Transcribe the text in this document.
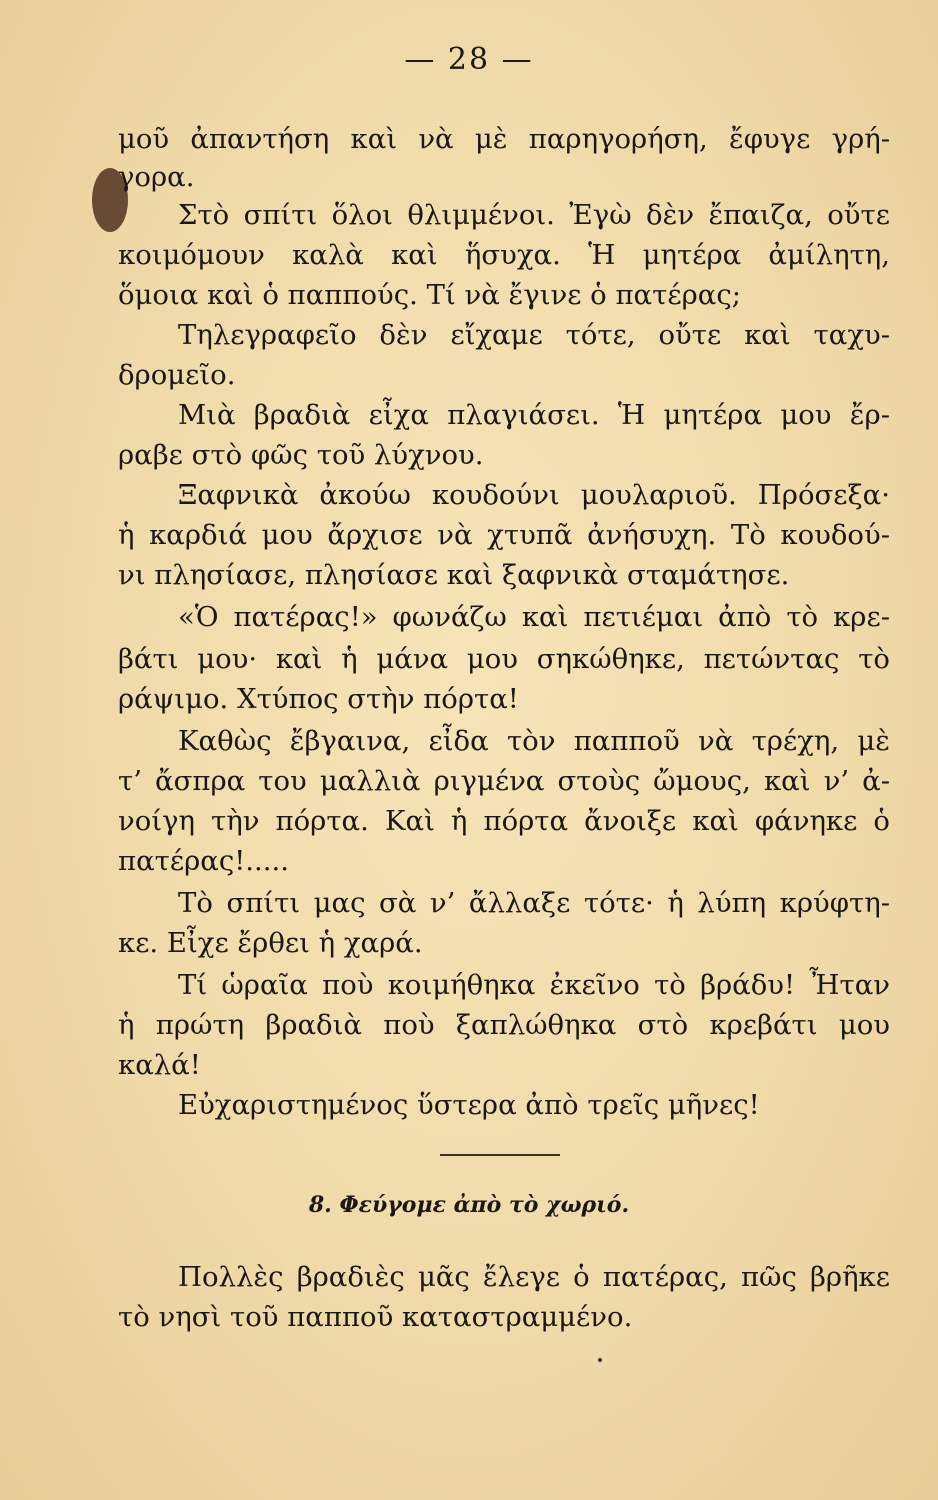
— 28 —
μοῦ ἀπαντήση καὶ νὰ μὲ παρηγορήση, ἔφυγε γρή-
γορα.
Στὸ σπίτι ὅλοι θλιμμένοι. Ἐγὼ δὲν ἔπαιζα, οὔτε
κοιμόμουν καλὰ καὶ ἥσυχα. Ἡ μητέρα ἀμίλητη,
ὅμοια καὶ ὁ παππούς. Τί νὰ ἔγινε ὁ πατέρας;
Τηλεγραφεῖο δὲν εἴχαμε τότε, οὔτε καὶ ταχυ-
δρομεῖο.
Μιὰ βραδιὰ εἶχα πλαγιάσει. Ἡ μητέρα μου ἔρ-
ραβε στὸ φῶς τοῦ λύχνου.
Ξαφνικὰ ἀκούω κουδούνι μουλαριοῦ. Πρόσεξα·
ἡ καρδιά μου ἄρχισε νὰ χτυπᾶ ἀνήσυχη. Τὸ κουδού-
νι πλησίασε, πλησίασε καὶ ξαφνικὰ σταμάτησε.
«Ὁ πατέρας!» φωνάζω καὶ πετιέμαι ἀπὸ τὸ κρε-
βάτι μου· καὶ ἡ μάνα μου σηκώθηκε, πετώντας τὸ
ράψιμο. Χτύπος στὴν πόρτα!
Καθὼς ἔβγαινα, εἶδα τὸν παπποῦ νὰ τρέχη, μὲ
τ’ ἄσπρα του μαλλιὰ ριγμένα στοὺς ὤμους, καὶ ν’ ἀ-
νοίγη τὴν πόρτα. Καὶ ἡ πόρτα ἄνοιξε καὶ φάνηκε ὁ
πατέρας!.....
Τὸ σπίτι μας σὰ ν’ ἄλλαξε τότε· ἡ λύπη κρύφτη-
κε. Εἶχε ἔρθει ἡ χαρά.
Τί ὡραῖα ποὺ κοιμήθηκα ἐκεῖνο τὸ βράδυ! Ἦταν
ἡ πρώτη βραδιὰ ποὺ ξαπλώθηκα στὸ κρεβάτι μου
καλά!
Εὐχαριστημένος ὕστερα ἀπὸ τρεῖς μῆνες!
8. Φεύγομε ἀπὸ τὸ χωριό.
Πολλὲς βραδιὲς μᾶς ἔλεγε ὁ πατέρας, πῶς βρῆκε
τὸ νησὶ τοῦ παπποῦ καταστραμμένο.
